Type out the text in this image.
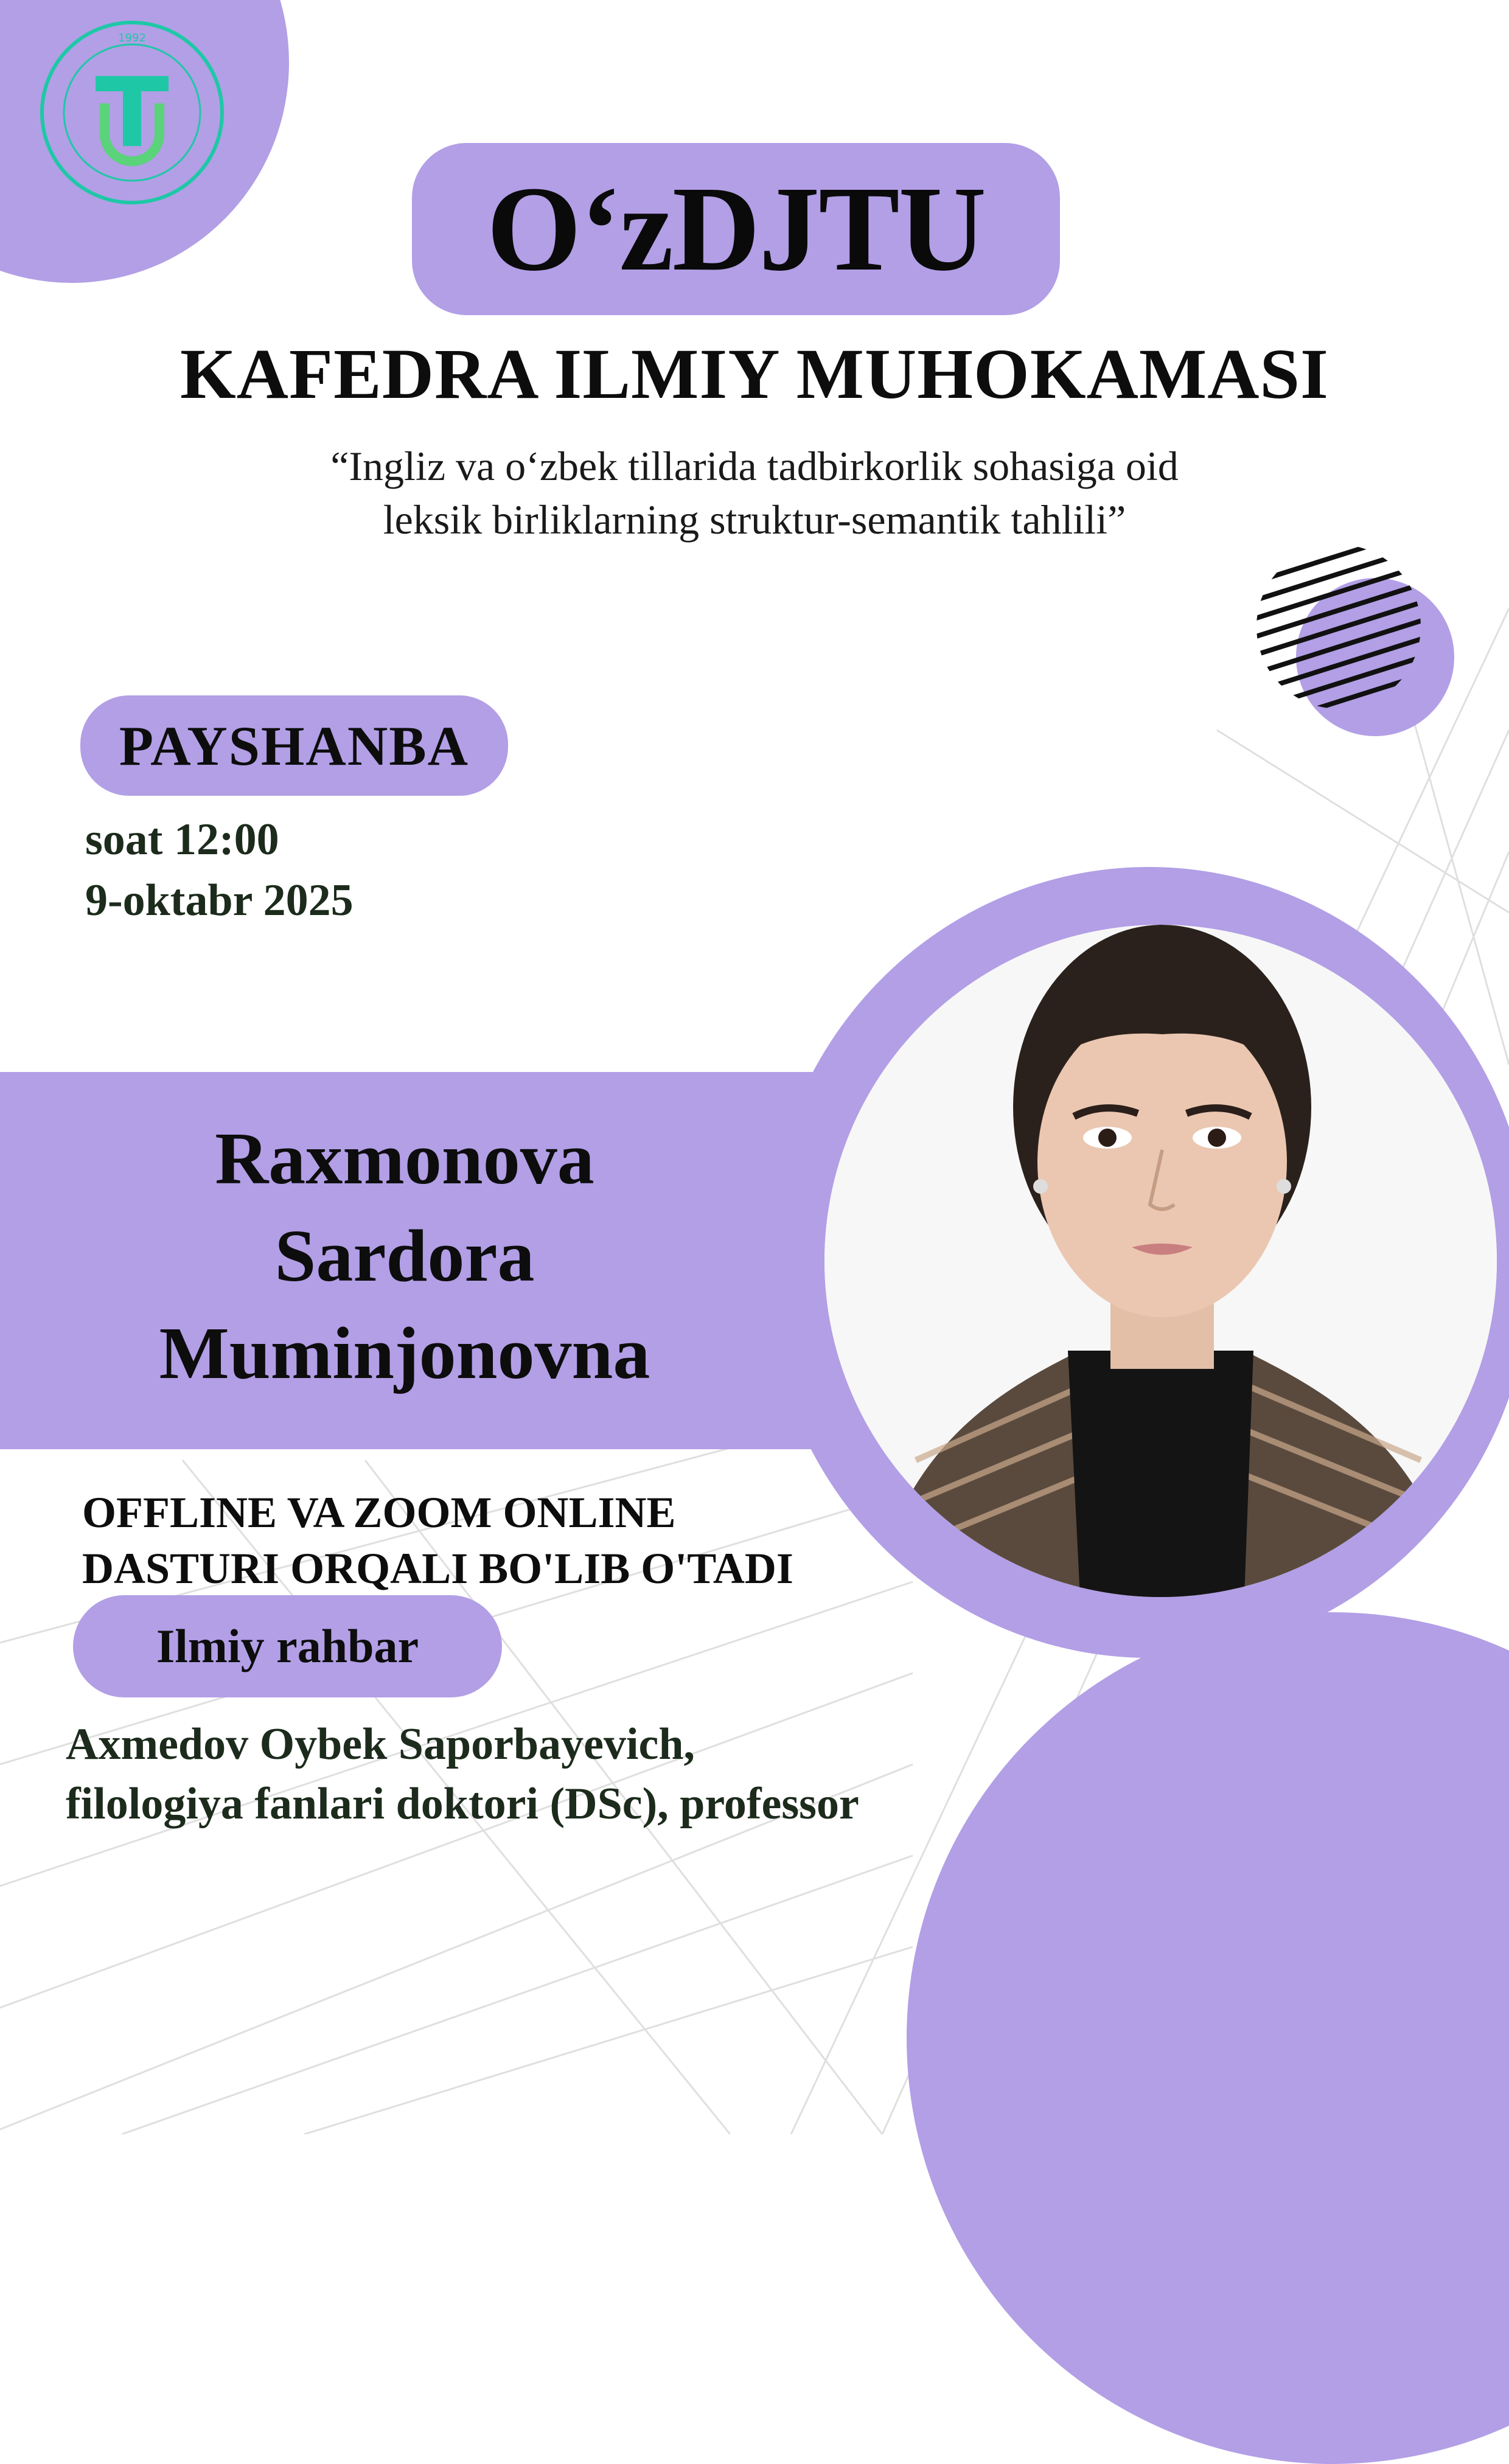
1992
O‘zDJTU
KAFEDRA ILMIY MUHOKAMASI
“Ingliz va o‘zbek tillarida tadbirkorlik sohasiga oid
leksik birliklarning struktur-semantik tahlili”
PAYSHANBA
soat 12:00
9-oktabr 2025
Raxmonova
Sardora
Muminjonovna
OFFLINE VA ZOOM ONLINE
DASTURI ORQALI BO'LIB O'TADI
Ilmiy rahbar
Axmedov Oybek Saporbayevich,
filologiya fanlari doktori (DSc), professor
